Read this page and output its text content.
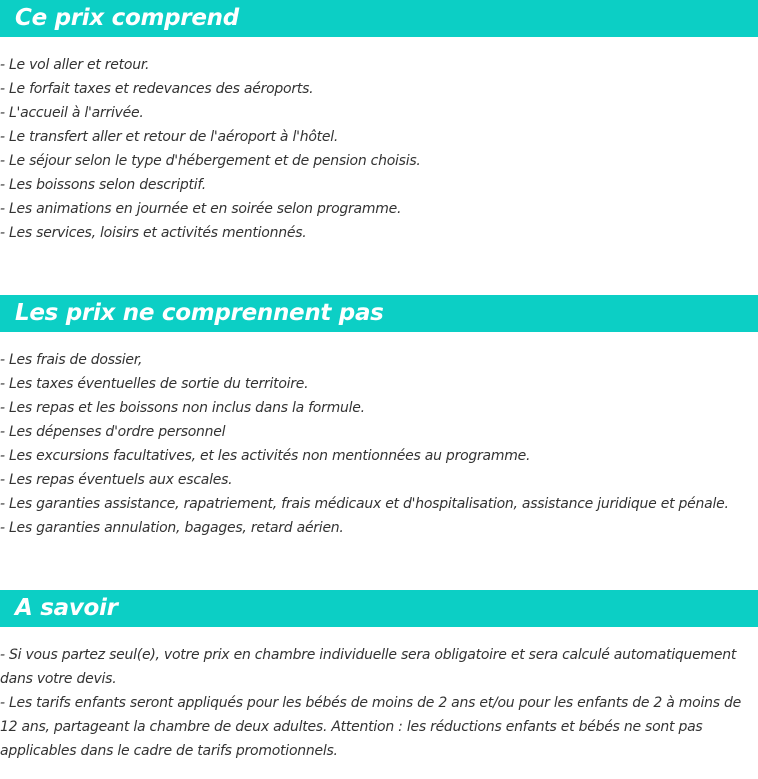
Ce prix comprend
- Le vol aller et retour.
- Le forfait taxes et redevances des aéroports.
- L'accueil à l'arrivée.
- Le transfert aller et retour de l'aéroport à l'hôtel.
- Le séjour selon le type d'hébergement et de pension choisis.
- Les boissons selon descriptif.
- Les animations en journée et en soirée selon programme.
- Les services, loisirs et activités mentionnés.
Les prix ne comprennent pas
- Les frais de dossier,
- Les taxes éventuelles de sortie du territoire.
- Les repas et les boissons non inclus dans la formule.
- Les dépenses d'ordre personnel
- Les excursions facultatives, et les activités non mentionnées au programme.
- Les repas éventuels aux escales.
- Les garanties assistance, rapatriement, frais médicaux et d'hospitalisation, assistance juridique et pénale.
- Les garanties annulation, bagages, retard aérien.
A savoir

- Si vous partez seul(e), votre prix en chambre individuelle sera obligatoire et sera calculé automatiquement dans votre devis.

- Les tarifs enfants seront appliqués pour les bébés de moins de 2 ans et/ou pour les enfants de 2 à moins de 12 ans, partageant la chambre de deux adultes. Attention : les réductions enfants et bébés ne sont pas applicables dans le cadre de tarifs promotionnels.
